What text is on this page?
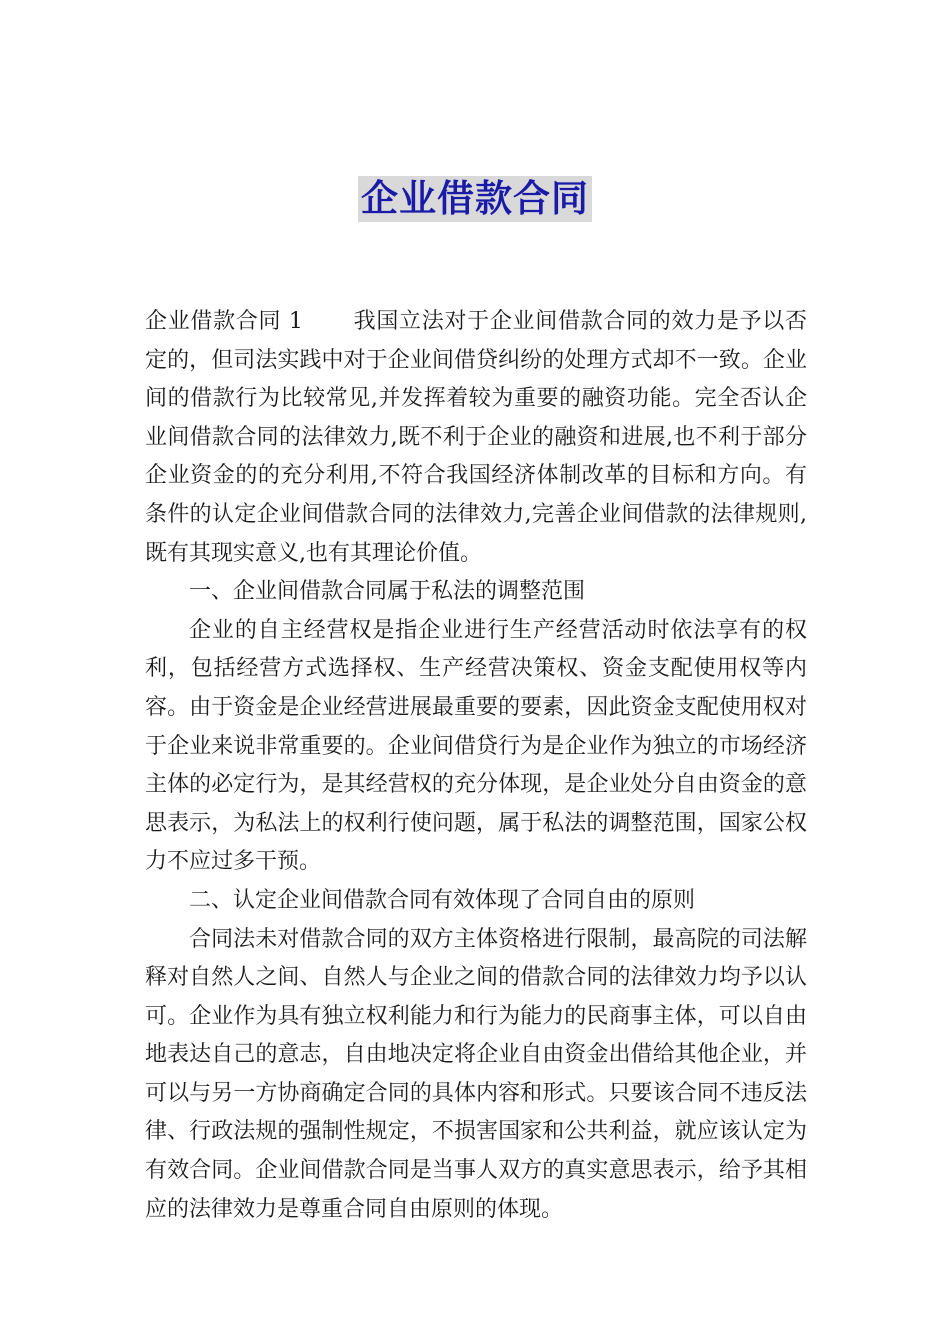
企业借款合同

企业借款合同 1 我国立法对于企业间借款合同的效力是予以否定的，但司法实践中对于企业间借贷纠纷的处理方式却不一致。企业间的借款行为比较常见,并发挥着较为重要的融资功能。完全否认企业间借款合同的法律效力,既不利于企业的融资和进展,也不利于部分企业资金的的充分利用,不符合我国经济体制改革的目标和方向。有条件的认定企业间借款合同的法律效力,完善企业间借款的法律规则,既有其现实意义,也有其理论价值。

一、企业间借款合同属于私法的调整范围

企业的自主经营权是指企业进行生产经营活动时依法享有的权利，包括经营方式选择权、生产经营决策权、资金支配使用权等内容。由于资金是企业经营进展最重要的要素，因此资金支配使用权对于企业来说非常重要的。企业间借贷行为是企业作为独立的市场经济主体的必定行为，是其经营权的充分体现，是企业处分自由资金的意思表示，为私法上的权利行使问题，属于私法的调整范围，国家公权力不应过多干预。

二、认定企业间借款合同有效体现了合同自由的原则

合同法未对借款合同的双方主体资格进行限制，最高院的司法解释对自然人之间、自然人与企业之间的借款合同的法律效力均予以认可。企业作为具有独立权利能力和行为能力的民商事主体，可以自由地表达自己的意志，自由地决定将企业自由资金出借给其他企业，并可以与另一方协商确定合同的具体内容和形式。只要该合同不违反法律、行政法规的强制性规定，不损害国家和公共利益，就应该认定为有效合同。企业间借款合同是当事人双方的真实意思表示，给予其相应的法律效力是尊重合同自由原则的体现。
